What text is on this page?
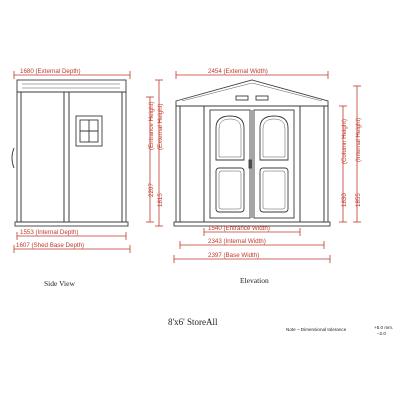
1680 (External Depth)
1553 (Internal Depth)
1607 (Shed Base Depth)
Side View
1815
(Entrance Height) (External Height)
2207
2454 (External Width)
1540 (Entrance Width)
2343 (Internal Width)
2397 (Base Width)
1830
(Column Height)
1855
(Internal Height)
Elevation
8'x6' StoreAll
Note – Dimensional tolerance	+5.0 mm.
–2.0
